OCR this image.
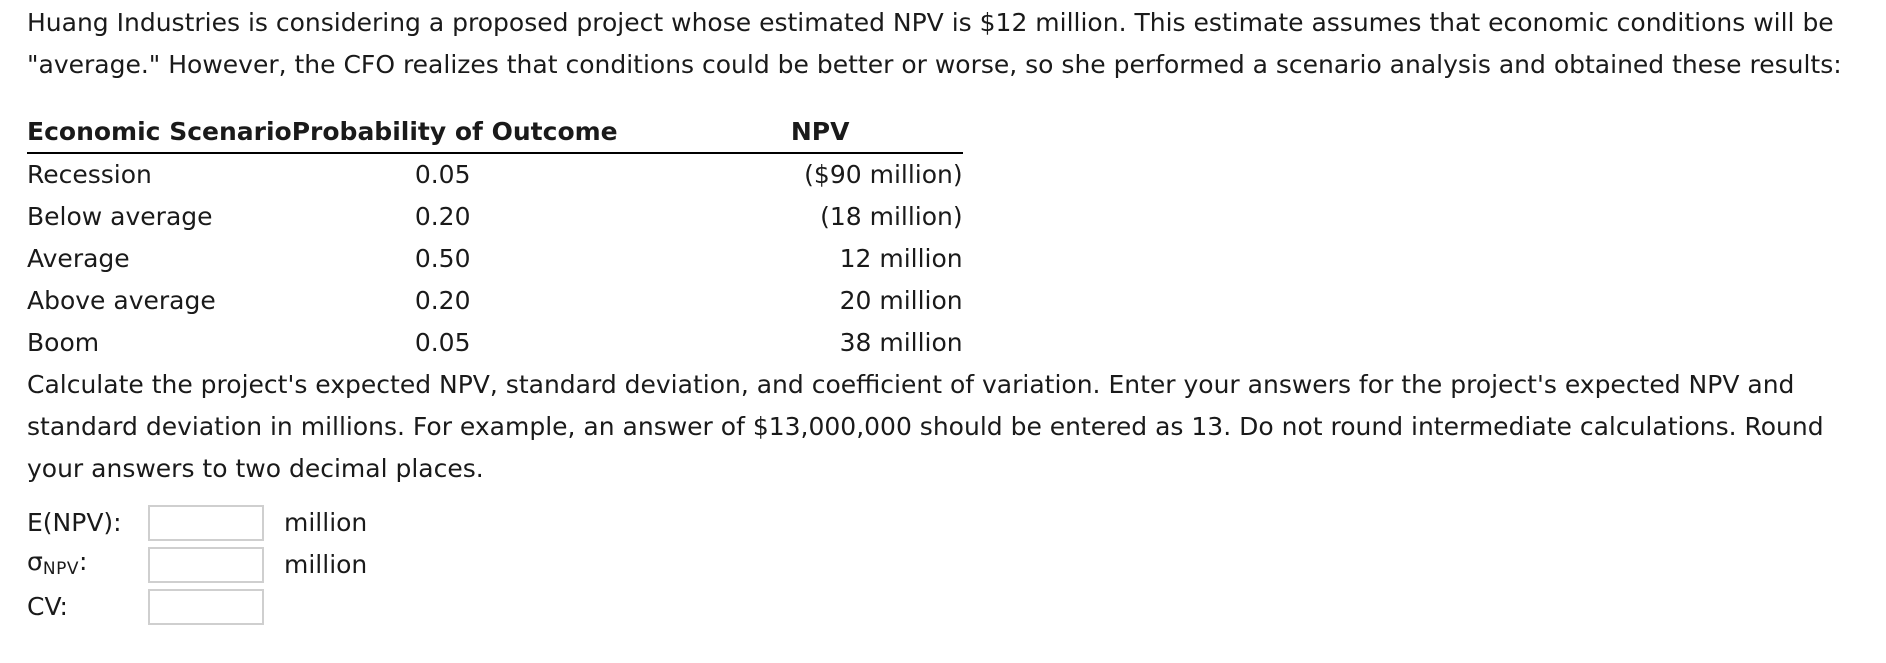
Huang Industries is considering a proposed project whose estimated NPV is $12 million. This estimate assumes that economic conditions will be "average." However, the CFO realizes that conditions could be better or worse, so she performed a scenario analysis and obtained these results:

Economic Scenario	Probability of Outcome	NPV
Recession	0.05	($90 million)
Below average	0.20	(18 million)
Average	0.50	12 million
Above average	0.20	20 million
Boom	0.05	38 million

Calculate the project's expected NPV, standard deviation, and coefficient of variation. Enter your answers for the project's expected NPV and standard deviation in millions. For example, an answer of $13,000,000 should be entered as 13. Do not round intermediate calculations. Round your answers to two decimal places.

E(NPV):	million
σNPV:	million
CV:
